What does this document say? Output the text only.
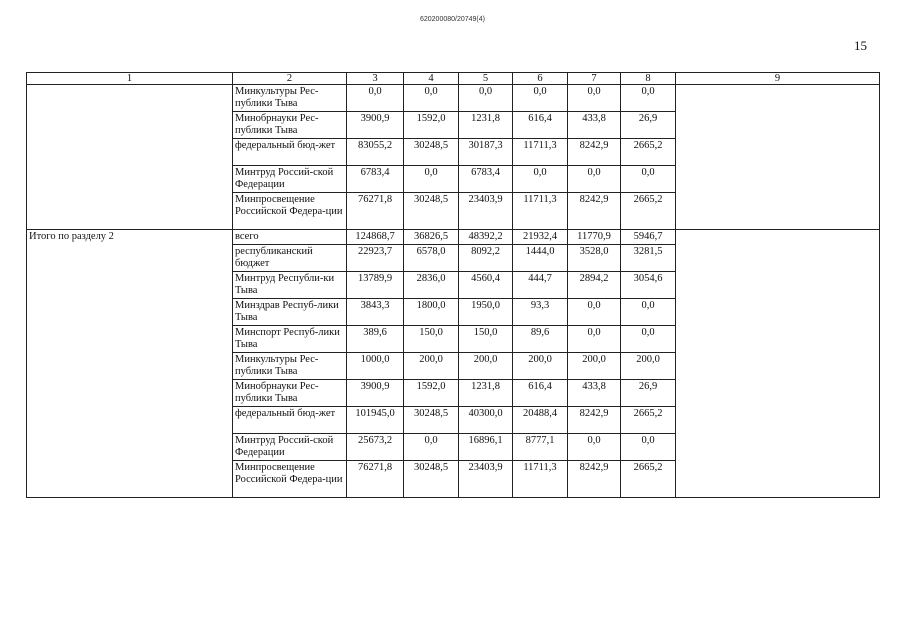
620200080/20749(4)
15
1	2	3	4	5	6	7	8	9
	Минкультуры Рес-публики Тыва	0,0	0,0	0,0	0,0	0,0	0,0	
	Минобрнауки Рес-публики Тыва	3900,9	1592,0	1231,8	616,4	433,8	26,9	
	федеральный бюд-жет	83055,2	30248,5	30187,3	11711,3	8242,9	2665,2	
	Минтруд Россий-ской Федерации	6783,4	0,0	6783,4	0,0	0,0	0,0	
	Минпросвещение Российской Федера-ции	76271,8	30248,5	23403,9	11711,3	8242,9	2665,2	
Итого по разделу 2	всего	124868,7	36826,5	48392,2	21932,4	11770,9	5946,7	
	республиканский бюджет	22923,7	6578,0	8092,2	1444,0	3528,0	3281,5	
	Минтруд Республи-ки Тыва	13789,9	2836,0	4560,4	444,7	2894,2	3054,6	
	Минздрав Респуб-лики Тыва	3843,3	1800,0	1950,0	93,3	0,0	0,0	
	Минспорт Респуб-лики Тыва	389,6	150,0	150,0	89,6	0,0	0,0	
	Минкультуры Рес-публики Тыва	1000,0	200,0	200,0	200,0	200,0	200,0	
	Минобрнауки Рес-публики Тыва	3900,9	1592,0	1231,8	616,4	433,8	26,9	
	федеральный бюд-жет	101945,0	30248,5	40300,0	20488,4	8242,9	2665,2	
	Минтруд Россий-ской Федерации	25673,2	0,0	16896,1	8777,1	0,0	0,0	
	Минпросвещение Российской Федера-ции	76271,8	30248,5	23403,9	11711,3	8242,9	2665,2	
